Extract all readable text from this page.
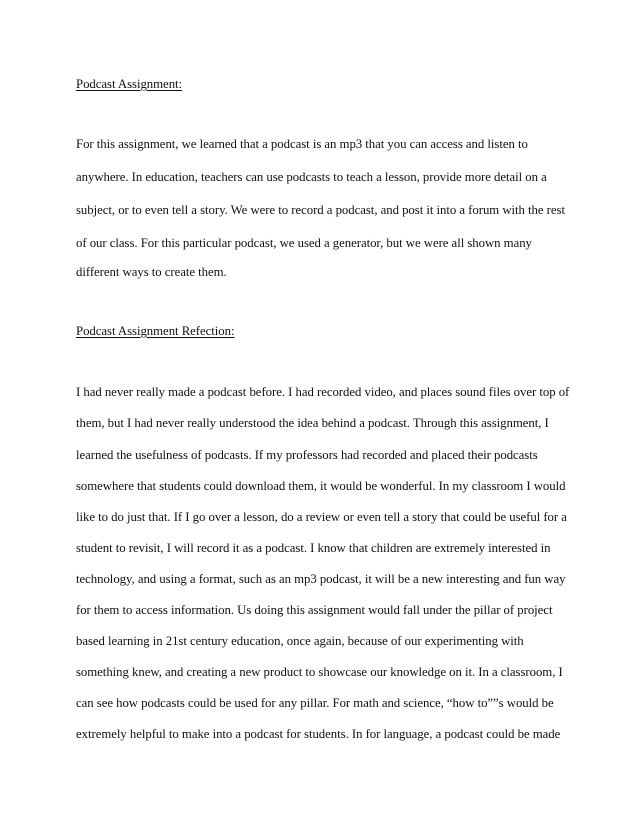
Podcast Assignment:
For this assignment, we learned that a podcast is an mp3 that you can access and listen to
anywhere. In education, teachers can use podcasts to teach a lesson, provide more detail on a
subject, or to even tell a story. We were to record a podcast, and post it into a forum with the rest
of our class. For this particular podcast, we used a generator, but we were all shown many
different ways to create them.
Podcast Assignment Refection:
I had never really made a podcast before. I had recorded video, and places sound files over top of
them, but I had never really understood the idea behind a podcast. Through this assignment, I
learned the usefulness of podcasts. If my professors had recorded and placed their podcasts
somewhere that students could download them, it would be wonderful. In my classroom I would
like to do just that. If I go over a lesson, do a review or even tell a story that could be useful for a
student to revisit, I will record it as a podcast. I know that children are extremely interested in
technology, and using a format, such as an mp3 podcast, it will be a new interesting and fun way
for them to access information. Us doing this assignment would fall under the pillar of project
based learning in 21st century education, once again, because of our experimenting with
something knew, and creating a new product to showcase our knowledge on it. In a classroom, I
can see how podcasts could be used for any pillar. For math and science, “how to””s would be
extremely helpful to make into a podcast for students. In for language, a podcast could be made
